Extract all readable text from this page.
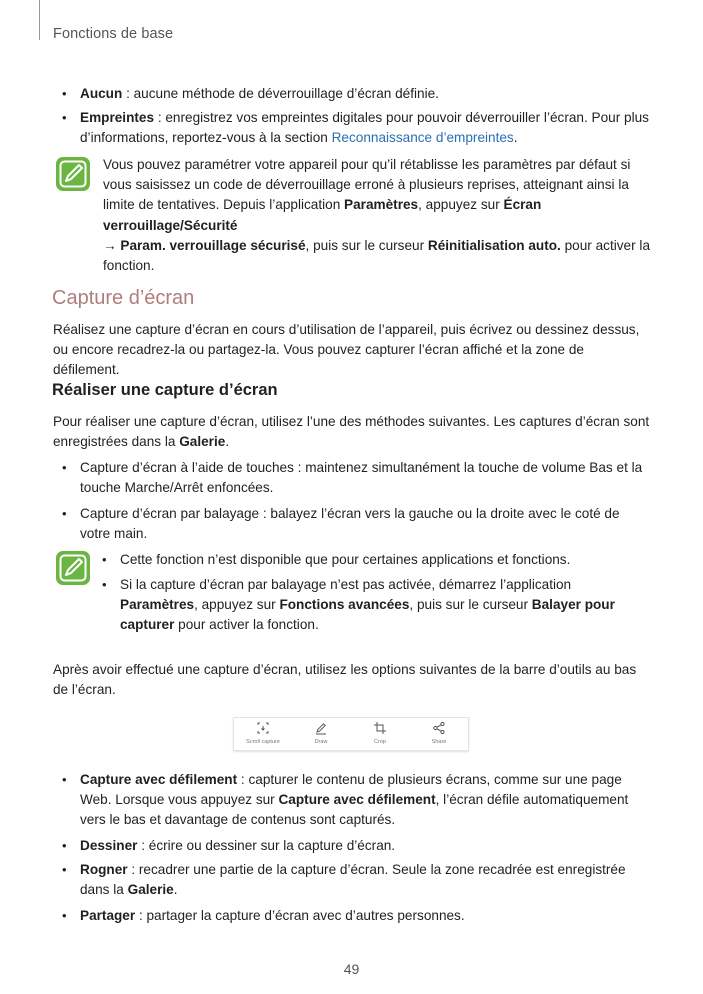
Fonctions de base
• Aucun : aucune méthode de déverrouillage d’écran définie.
• Empreintes : enregistrez vos empreintes digitales pour pouvoir déverrouiller l’écran. Pour plus d’informations, reportez-vous à la section Reconnaissance d’empreintes.
Vous pouvez paramétrer votre appareil pour qu’il rétablisse les paramètres par défaut si vous saisissez un code de déverrouillage erroné à plusieurs reprises, atteignant ainsi la limite de tentatives. Depuis l’application Paramètres, appuyez sur Écran verrouillage/Sécurité
→ Param. verrouillage sécurisé, puis sur le curseur Réinitialisation auto. pour activer la fonction.
Capture d’écran
Réalisez une capture d’écran en cours d’utilisation de l’appareil, puis écrivez ou dessinez dessus, ou encore recadrez-la ou partagez-la. Vous pouvez capturer l’écran affiché et la zone de défilement.
Réaliser une capture d’écran
Pour réaliser une capture d’écran, utilisez l’une des méthodes suivantes. Les captures d’écran sont enregistrées dans la Galerie.
• Capture d’écran à l’aide de touches : maintenez simultanément la touche de volume Bas et la touche Marche/Arrêt enfoncées.
• Capture d’écran par balayage : balayez l’écran vers la gauche ou la droite avec le coté de votre main.
• Cette fonction n’est disponible que pour certaines applications et fonctions.
• Si la capture d’écran par balayage n’est pas activée, démarrez l’application Paramètres, appuyez sur Fonctions avancées, puis sur le curseur Balayer pour capturer pour activer la fonction.
Après avoir effectué une capture d’écran, utilisez les options suivantes de la barre d’outils au bas de l’écran.
Scroll capture	Draw	Crop	Share
• Capture avec défilement : capturer le contenu de plusieurs écrans, comme sur une page Web. Lorsque vous appuyez sur Capture avec défilement, l’écran défile automatiquement vers le bas et davantage de contenus sont capturés.
• Dessiner : écrire ou dessiner sur la capture d’écran.
• Rogner : recadrer une partie de la capture d’écran. Seule la zone recadrée est enregistrée dans la Galerie.
• Partager : partager la capture d’écran avec d’autres personnes.
49
